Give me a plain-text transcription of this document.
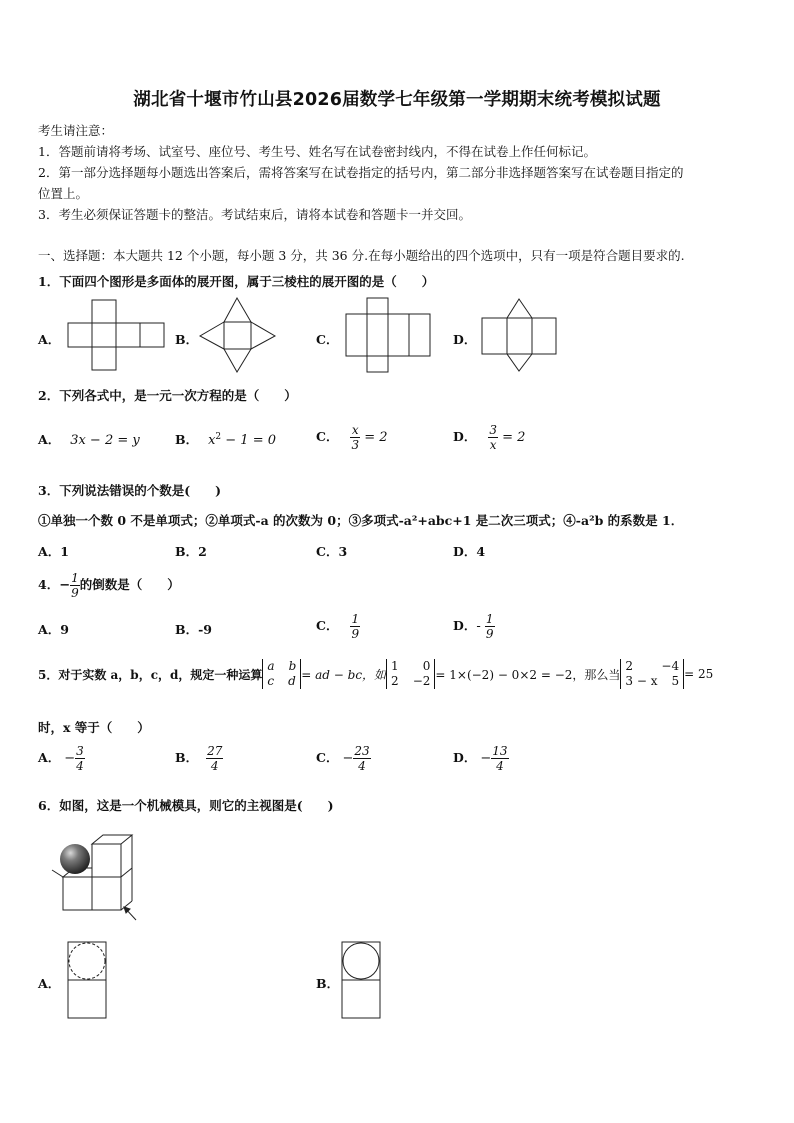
湖北省十堰市竹山县2026届数学七年级第一学期期末统考模拟试题
考生请注意：
1．答题前请将考场、试室号、座位号、考生号、姓名写在试卷密封线内，不得在试卷上作任何标记。
2．第一部分选择题每小题选出答案后，需将答案写在试卷指定的括号内，第二部分非选择题答案写在试卷题目指定的
位置上。
3．考生必须保证答题卡的整洁。考试结束后，请将本试卷和答题卡一并交回。
一、选择题：本大题共 12 个小题，每小题 3 分，共 36 分.在每小题给出的四个选项中，只有一项是符合题目要求的.
1．下面四个图形是多面体的展开图，属于三棱柱的展开图的是（　　）
A．	B．	C．	D．
2．下列各式中，是一元一次方程的是（　　）
A． 3x − 2 = y	B． $x^2 - 1 = 0$	C． $\frac{x}{3} = 2$	D． $\frac{3}{x} = 2$
3．下列说法错误的个数是(　　)
①单独一个数 0 不是单项式；②单项式-a 的次数为 0；③多项式-a²+abc+1 是二次三项式；④-a²b 的系数是 1．
A．1	B．2	C．3	D．4
4．− $\frac{1}{9}$ 的倒数是（　　）
A．9	B．-9	C． $\frac{1}{9}$	D．- $\frac{1}{9}$
5．对于实数 a，b，c，d，规定一种运算
a b
c d = ad − bc，如
1 0
2 −2 = 1×(−2) − 0×2 = −2，那么当
2 −4
3 − x 5 = 25
时，x 等于（　　）
A． − $\frac{3}{4}$	B． $\frac{27}{4}$	C． − $\frac{23}{4}$	D． − $\frac{13}{4}$
6．如图，这是一个机械模具，则它的主视图是(　　)
A．	B．
